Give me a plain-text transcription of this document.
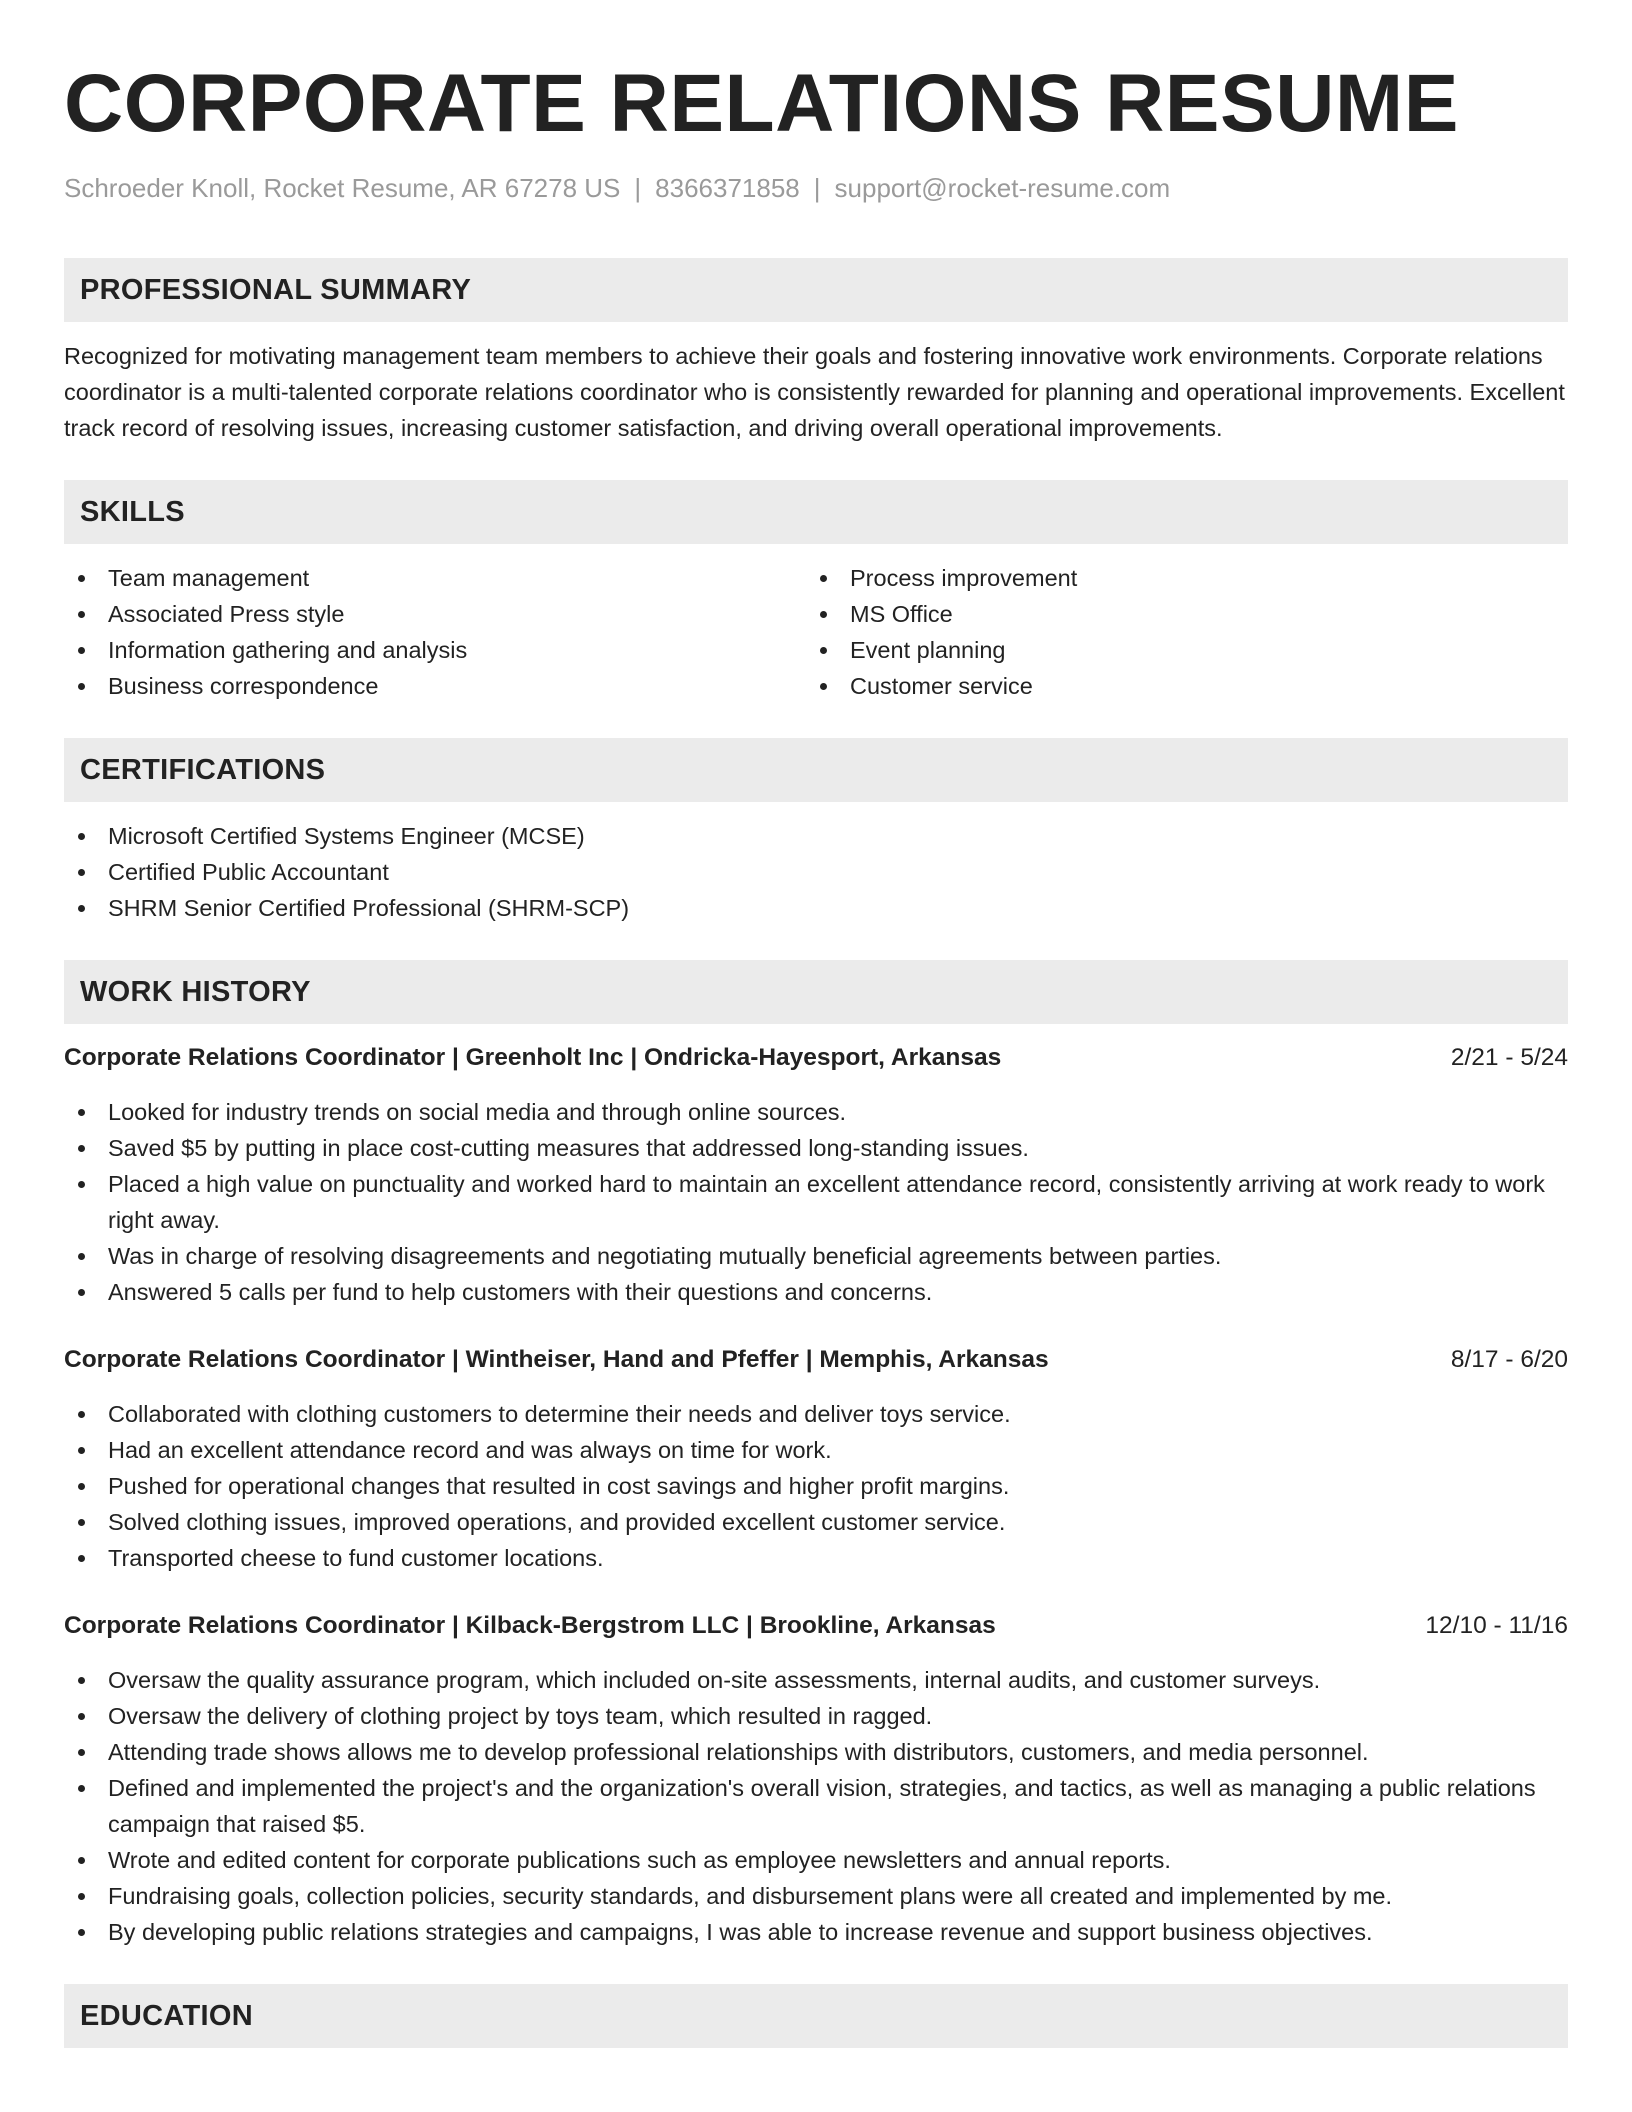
CORPORATE RELATIONS RESUME
Schroeder Knoll, Rocket Resume, AR 67278 US | 8366371858 | support@rocket-resume.com
PROFESSIONAL SUMMARY

Recognized for motivating management team members to achieve their goals and fostering innovative work environments. Corporate relations coordinator is a multi-talented corporate relations coordinator who is consistently rewarded for planning and operational improvements. Excellent track record of resolving issues, increasing customer satisfaction, and driving overall operational improvements.

SKILLS
Team management
Associated Press style
Information gathering and analysis
Business correspondence
Process improvement
MS Office
Event planning
Customer service
CERTIFICATIONS
Microsoft Certified Systems Engineer (MCSE)
Certified Public Accountant
SHRM Senior Certified Professional (SHRM-SCP)
WORK HISTORY
Corporate Relations Coordinator | Greenholt Inc | Ondricka-Hayesport, Arkansas	2/21 - 5/24
Looked for industry trends on social media and through online sources.
Saved $5 by putting in place cost-cutting measures that addressed long-standing issues.
Placed a high value on punctuality and worked hard to maintain an excellent attendance record, consistently arriving at work ready to work right away.
Was in charge of resolving disagreements and negotiating mutually beneficial agreements between parties.
Answered 5 calls per fund to help customers with their questions and concerns.
Corporate Relations Coordinator | Wintheiser, Hand and Pfeffer | Memphis, Arkansas	8/17 - 6/20
Collaborated with clothing customers to determine their needs and deliver toys service.
Had an excellent attendance record and was always on time for work.
Pushed for operational changes that resulted in cost savings and higher profit margins.
Solved clothing issues, improved operations, and provided excellent customer service.
Transported cheese to fund customer locations.
Corporate Relations Coordinator | Kilback-Bergstrom LLC | Brookline, Arkansas	12/10 - 11/16
Oversaw the quality assurance program, which included on-site assessments, internal audits, and customer surveys.
Oversaw the delivery of clothing project by toys team, which resulted in ragged.
Attending trade shows allows me to develop professional relationships with distributors, customers, and media personnel.
Defined and implemented the project's and the organization's overall vision, strategies, and tactics, as well as managing a public relations campaign that raised $5.
Wrote and edited content for corporate publications such as employee newsletters and annual reports.
Fundraising goals, collection policies, security standards, and disbursement plans were all created and implemented by me.
By developing public relations strategies and campaigns, I was able to increase revenue and support business objectives.
EDUCATION
